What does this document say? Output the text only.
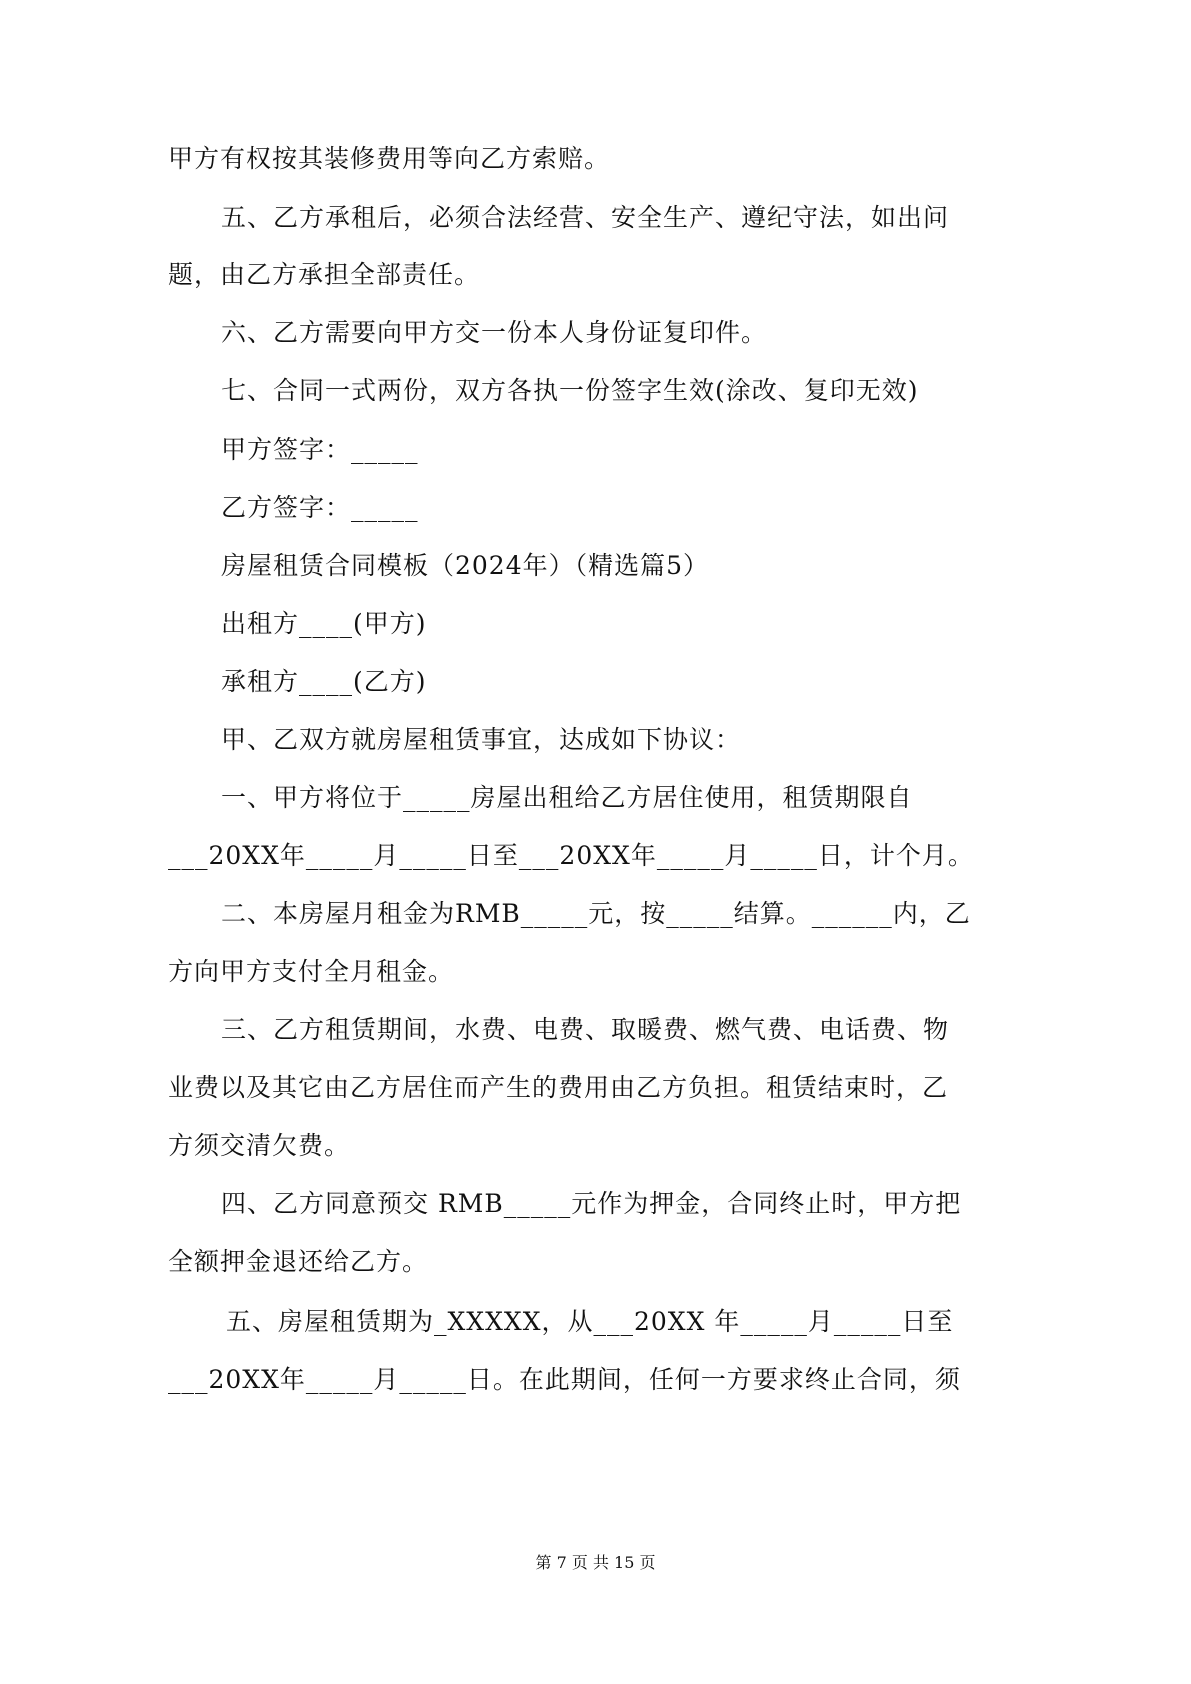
甲方有权按其装修费用等向乙方索赔。
五、乙方承租后，必须合法经营、安全生产、遵纪守法，如出问
题，由乙方承担全部责任。
六、乙方需要向甲方交一份本人身份证复印件。
七、合同一式两份，双方各执一份签字生效(涂改、复印无效)
甲方签字：_____
乙方签字：_____
房屋租赁合同模板（2024年）（精选篇5）
出租方____(甲方)
承租方____(乙方)
甲、乙双方就房屋租赁事宜，达成如下协议：
一、甲方将位于_____房屋出租给乙方居住使用，租赁期限自
___20XX年_____月_____日至___20XX年_____月_____日，计个月。
二、本房屋月租金为RMB_____元，按_____结算。______内，乙
方向甲方支付全月租金。
三、乙方租赁期间，水费、电费、取暖费、燃气费、电话费、物
业费以及其它由乙方居住而产生的费用由乙方负担。租赁结束时，乙
方须交清欠费。
四、乙方同意预交 RMB_____元作为押金，合同终止时，甲方把
全额押金退还给乙方。
五、房屋租赁期为_XXXXX，从___20XX 年_____月_____日至
___20XX年_____月_____日。在此期间，任何一方要求终止合同，须
第 7 页 共 15 页
